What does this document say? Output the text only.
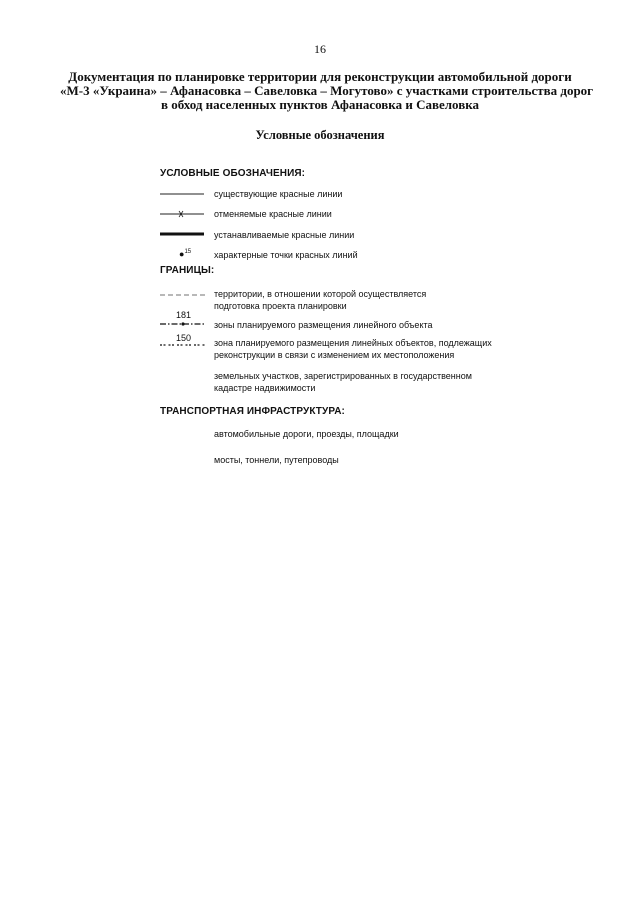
16
Документация по планировке территории для реконструкции автомобильной дороги
«М-3 «Украина» – Афанасовка – Савеловка – Могутово» с участками строительства дорог
в обход населенных пунктов Афанасовка и Савеловка
Условные обозначения
УСЛОВНЫЕ ОБОЗНАЧЕНИЯ:
существующие красные линии
отменяемые красные линии
устанавливаемые красные линии
●$^{15}$	характерные точки красных линий
ГРАНИЦЫ:
территории, в отношении которой осуществляется
подготовка проекта планировки
181
зоны планируемого размещения линейного объекта
150	зона планируемого размещения линейных объектов, подлежащих
реконструкции в связи с изменением их местоположения
земельных участков, зарегистрированных в государственном
кадастре надвижимости
ТРАНСПОРТНАЯ ИНФРАСТРУКТУРА:
автомобильные дороги, проезды, площадки
мосты, тоннели, путепроводы
